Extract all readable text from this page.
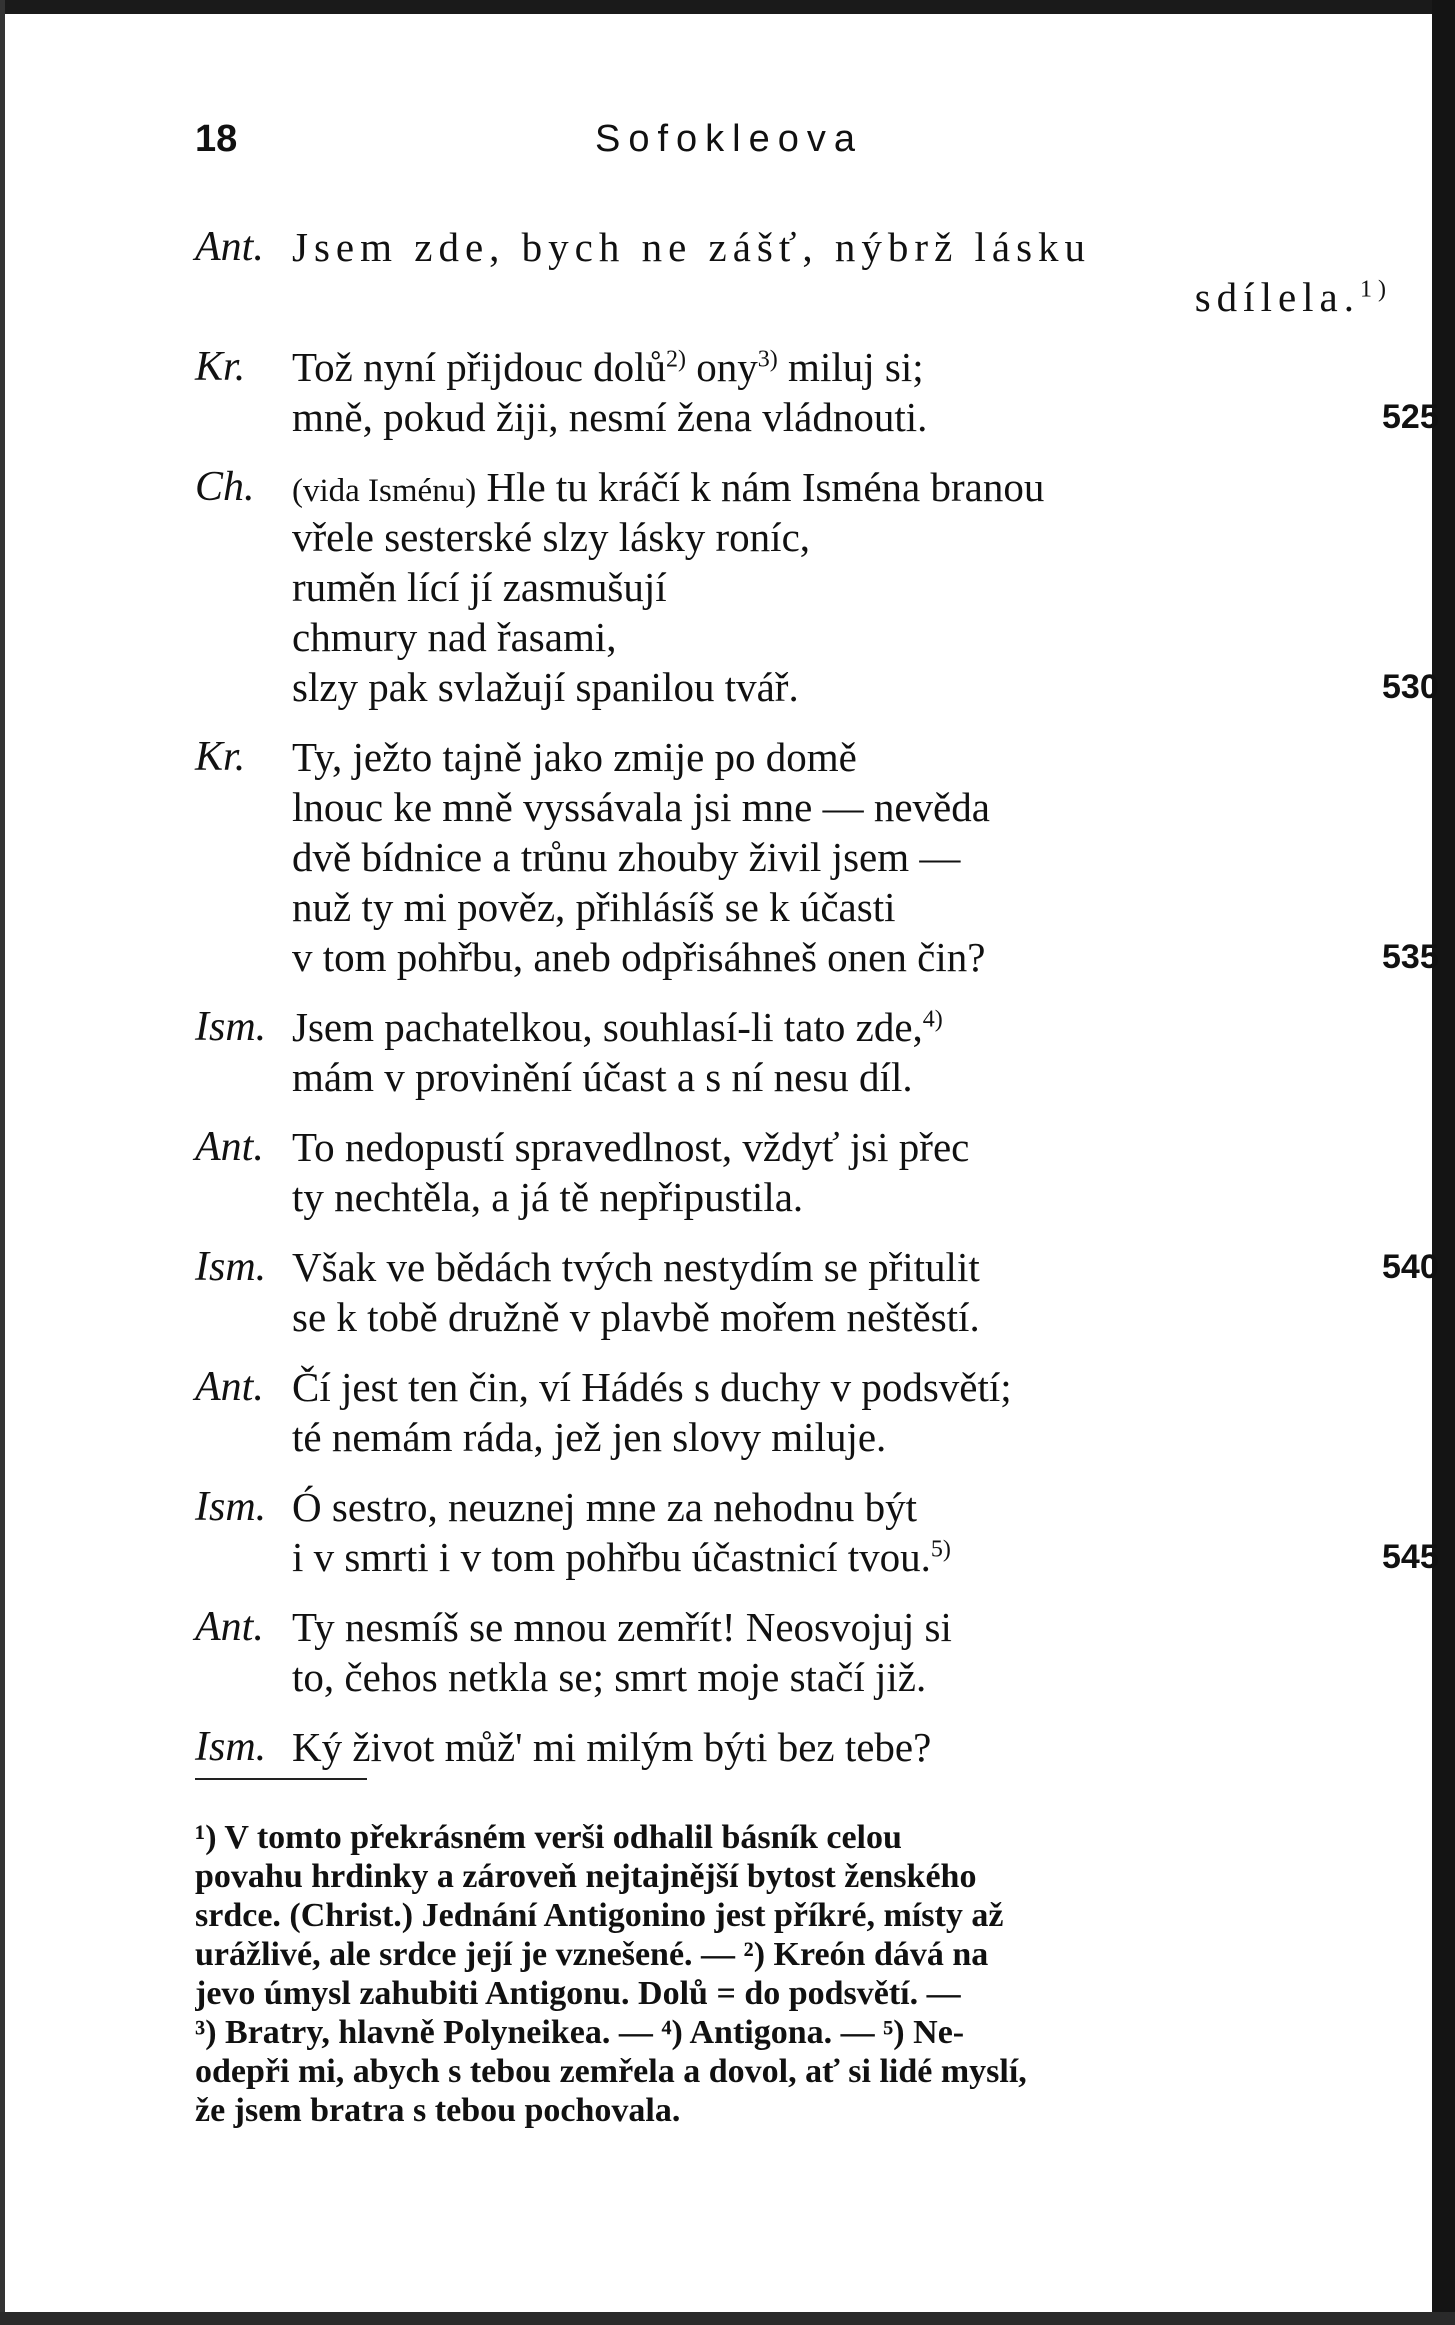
18	Sofokleova
Ant. Jsem zde, bych ne zášť, nýbrž lásku
sdílela.$^{1)}$
Kr. Tož nyní přijdouc dolů$^{2)}$ ony$^{3)}$ miluj si;
mně, pokud žiji, nesmí žena vládnouti.	525
Ch. (vida Isménu) Hle tu kráčí k nám Isména branou
vřele sesterské slzy lásky roníc,
ruměn lící jí zasmušují
chmury nad řasami,
slzy pak svlažují spanilou tvář.	530
Kr. Ty, ježto tajně jako zmije po domě
lnouc ke mně vyssávala jsi mne — nevěda
dvě bídnice a trůnu zhouby živil jsem —
nuž ty mi pověz, přihlásíš se k účasti
v tom pohřbu, aneb odpřisáhneš onen čin?	535
Ism. Jsem pachatelkou, souhlasí-li tato zde,$^{4)}$
mám v provinění účast a s ní nesu díl.
Ant. To nedopustí spravedlnost, vždyť jsi přec
ty nechtěla, a já tě nepřipustila.
Ism. Však ve bědách tvých nestydím se přitulit	540
se k tobě družně v plavbě mořem neštěstí.
Ant. Čí jest ten čin, ví Hádés s duchy v podsvětí;
té nemám ráda, jež jen slovy miluje.
Ism. Ó sestro, neuznej mne za nehodnu být
i v smrti i v tom pohřbu účastnicí tvou.$^{5)}$	545
Ant. Ty nesmíš se mnou zemřít! Neosvojuj si
to, čehos netkla se; smrt moje stačí již.
Ism. Ký život můž' mi milým býti bez tebe?
¹) V tomto překrásném verši odhalil básník celou
povahu hrdinky a zároveň nejtajnější bytost ženského
srdce. (Christ.) Jednání Antigonino jest příkré, místy až
urážlivé, ale srdce její je vznešené. — ²) Kreón dává na
jevo úmysl zahubiti Antigonu. Dolů = do podsvětí. —
³) Bratry, hlavně Polyneikea. — ⁴) Antigona. — ⁵) Ne-
odepři mi, abych s tebou zemřela a dovol, ať si lidé myslí,
že jsem bratra s tebou pochovala.
